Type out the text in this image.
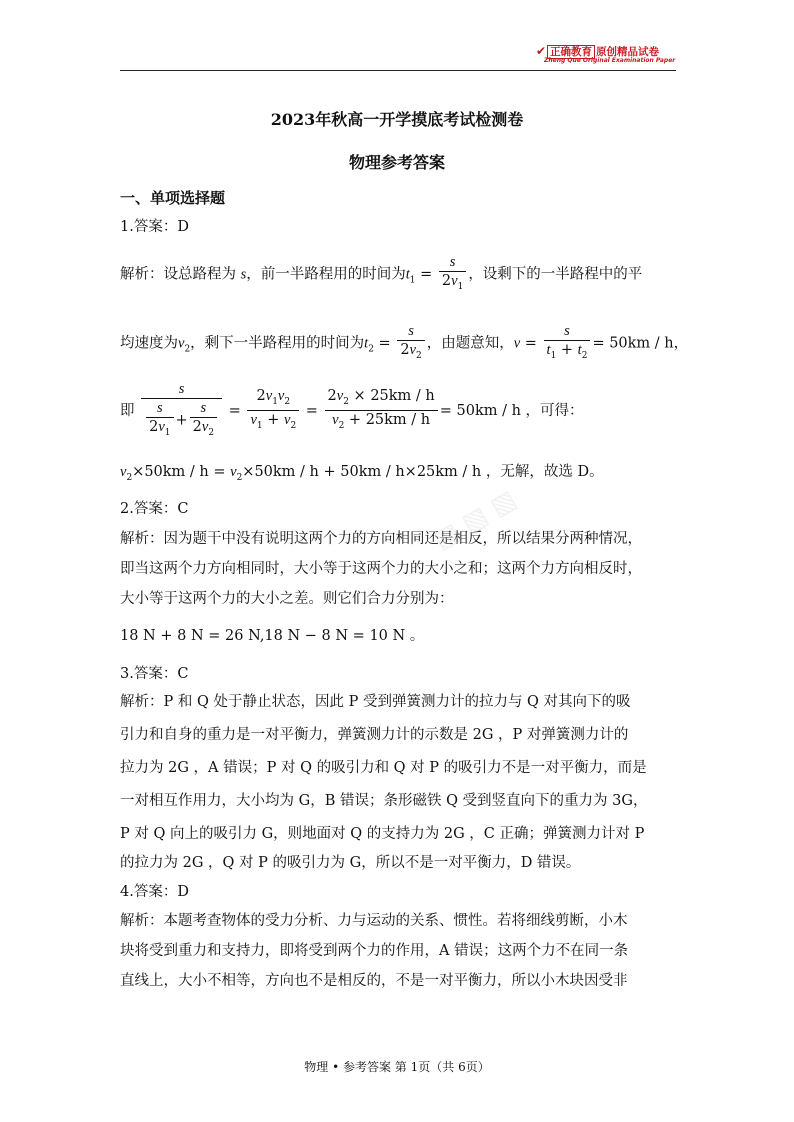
✔ 正确教育 原创精品试卷
Zheng Que Original Examination Paper
2023年秋高一开学摸底考试检测卷
物理参考答案
一、单项选择题
1.答案：D
解析：设总路程为 s，前一半路程用的时间为$t_1 = \frac{s}{2v_1}$ ，设剩下的一半路程中的平
均速度为$v_2$，剩下一半路程用的时间为$t_2 = \frac{s}{2v_2}$ ，由题意知，$v = \frac{s}{t_1 + t_2} = 50km / h$，
即 $\frac{s}{\frac{s}{2v_1} + \frac{s}{2v_2}} = \frac{2v_1v_2}{v_1 + v_2} = \frac{2v_2 \times 25km / h}{v_2 + 25km / h} = 50km / h$ ，可得：
$v_2\times 50km / h = v_2\times 50km / h + 50km / h\times 25km / h$ ，无解，故选 D。
2.答案：C
解析：因为题干中没有说明这两个力的方向相同还是相反，所以结果分两种情况，
即当这两个力方向相同时，大小等于这两个力的大小之和；这两个力方向相反时，
大小等于这两个力的大小之差。则它们合力分别为：
18 N + 8 N = 26 N,18 N − 8 N = 10 N 。
3.答案：C
解析：P 和 Q 处于静止状态，因此 P 受到弹簧测力计的拉力与 Q 对其向下的吸
引力和自身的重力是一对平衡力，弹簧测力计的示数是 2G ，P 对弹簧测力计的
拉力为 2G ，A 错误；P 对 Q 的吸引力和 Q 对 P 的吸引力不是一对平衡力，而是
一对相互作用力，大小均为 G，B 错误；条形磁铁 Q 受到竖直向下的重力为 3G，
P 对 Q 向上的吸引力 G，则地面对 Q 的支持力为 2G ，C 正确；弹簧测力计对 P
的拉力为 2G ，Q 对 P 的吸引力为 G，所以不是一对平衡力，D 错误。
4.答案：D
解析：本题考查物体的受力分析、力与运动的关系、惯性。若将细线剪断，小木
块将受到重力和支持力，即将受到两个力的作用，A 错误；这两个力不在同一条
直线上，大小不相等，方向也不是相反的，不是一对平衡力，所以小木块因受非
▧ ▧ ▧
物理 • 参考答案 第 1页（共 6页）
